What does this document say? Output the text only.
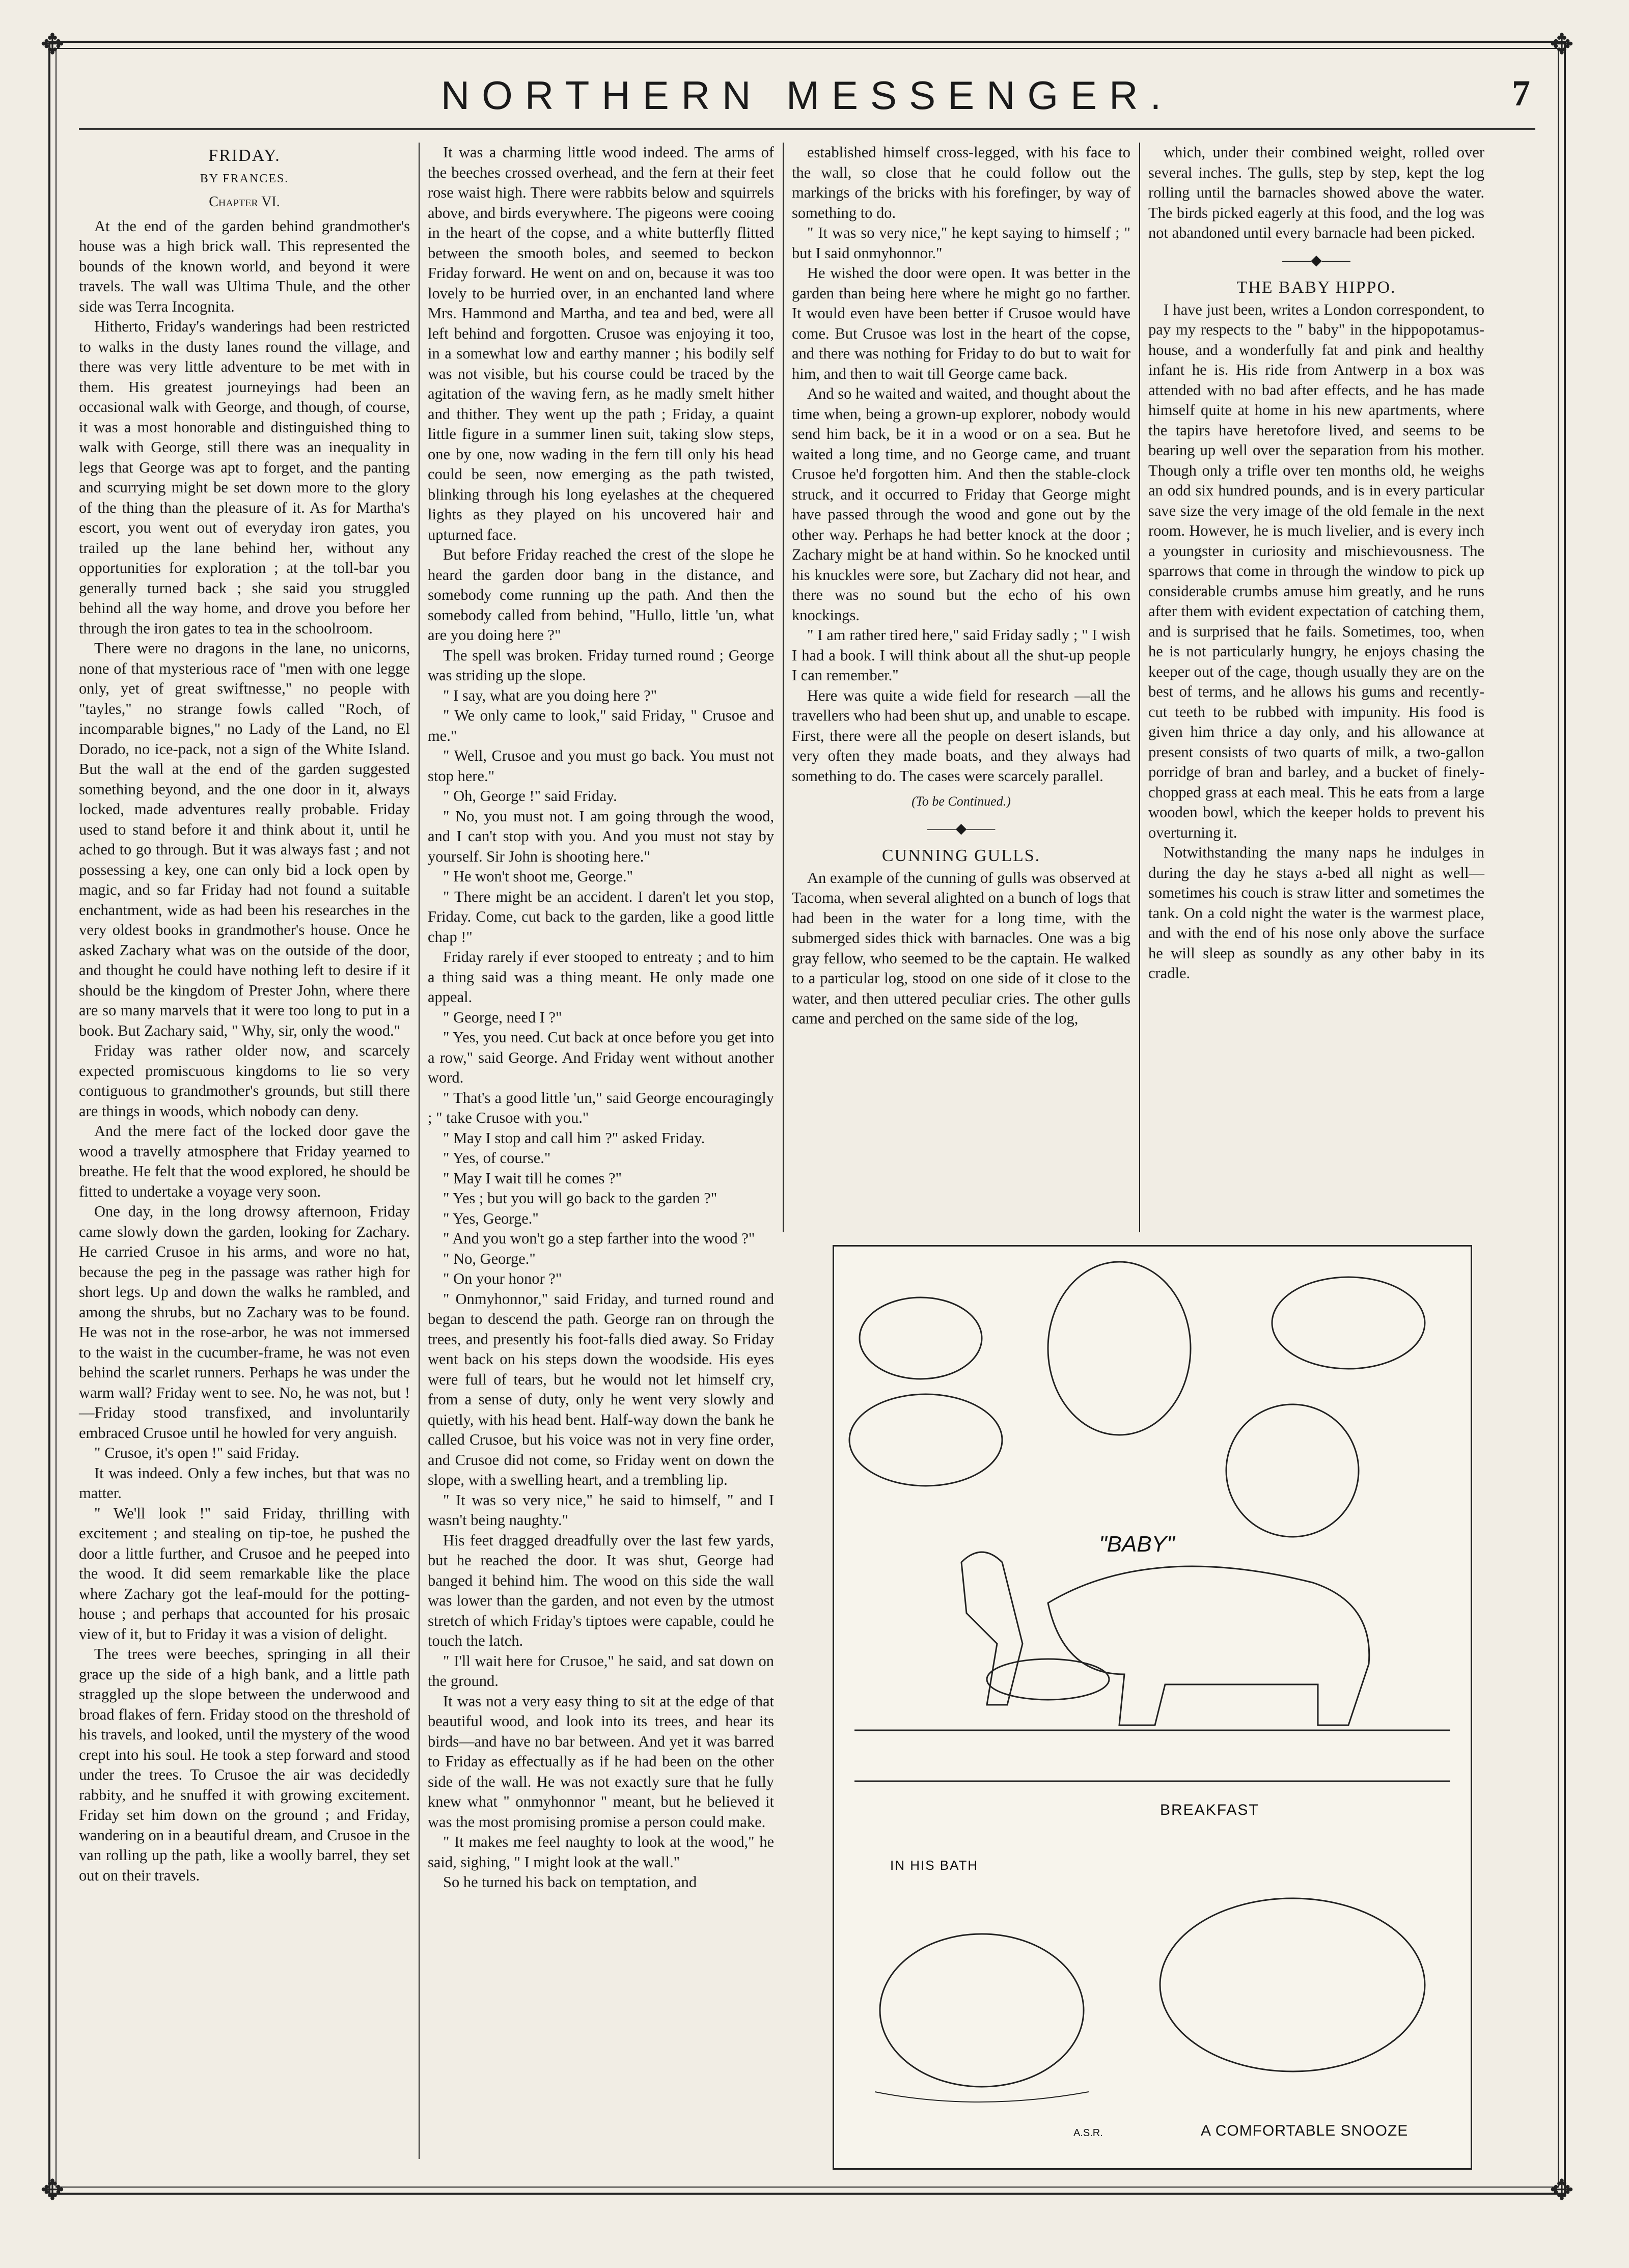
✥	✥
✥	✥
NORTHERN MESSENGER.	7
FRIDAY.
BY FRANCES.
Chapter VI.

At the end of the garden behind grandmother's house was a high brick wall. This represented the bounds of the known world, and beyond it were travels. The wall was Ultima Thule, and the other side was Terra Incognita.

Hitherto, Friday's wanderings had been restricted to walks in the dusty lanes round the village, and there was very little adventure to be met with in them. His greatest journeyings had been an occasional walk with George, and though, of course, it was a most honorable and distinguished thing to walk with George, still there was an inequality in legs that George was apt to forget, and the panting and scurrying might be set down more to the glory of the thing than the pleasure of it. As for Martha's escort, you went out of everyday iron gates, you trailed up the lane behind her, without any opportunities for exploration ; at the toll-bar you generally turned back ; she said you struggled behind all the way home, and drove you before her through the iron gates to tea in the schoolroom.

There were no dragons in the lane, no unicorns, none of that mysterious race of "men with one legge only, yet of great swiftnesse," no people with "tayles," no strange fowls called "Roch, of incomparable bignes," no Lady of the Land, no El Dorado, no ice-pack, not a sign of the White Island. But the wall at the end of the garden suggested something beyond, and the one door in it, always locked, made adventures really probable. Friday used to stand before it and think about it, until he ached to go through. But it was always fast ; and not possessing a key, one can only bid a lock open by magic, and so far Friday had not found a suitable enchantment, wide as had been his researches in the very oldest books in grandmother's house. Once he asked Zachary what was on the outside of the door, and thought he could have nothing left to desire if it should be the kingdom of Prester John, where there are so many marvels that it were too long to put in a book. But Zachary said, " Why, sir, only the wood."

Friday was rather older now, and scarcely expected promiscuous kingdoms to lie so very contiguous to grandmother's grounds, but still there are things in woods, which nobody can deny.

And the mere fact of the locked door gave the wood a travelly atmosphere that Friday yearned to breathe. He felt that the wood explored, he should be fitted to undertake a voyage very soon.

One day, in the long drowsy afternoon, Friday came slowly down the garden, looking for Zachary. He carried Crusoe in his arms, and wore no hat, because the peg in the passage was rather high for short legs. Up and down the walks he rambled, and among the shrubs, but no Zachary was to be found. He was not in the rose-arbor, he was not immersed to the waist in the cucumber-frame, he was not even behind the scarlet runners. Perhaps he was under the warm wall? Friday went to see. No, he was not, but !—Friday stood transfixed, and involuntarily embraced Crusoe until he howled for very anguish.

" Crusoe, it's open !" said Friday.

It was indeed. Only a few inches, but that was no matter.

" We'll look !" said Friday, thrilling with excitement ; and stealing on tip-toe, he pushed the door a little further, and Crusoe and he peeped into the wood. It did seem remarkable like the place where Zachary got the leaf-mould for the potting-house ; and perhaps that accounted for his prosaic view of it, but to Friday it was a vision of delight.

The trees were beeches, springing in all their grace up the side of a high bank, and a little path straggled up the slope between the underwood and broad flakes of fern. Friday stood on the threshold of his travels, and looked, until the mystery of the wood crept into his soul. He took a step forward and stood under the trees. To Crusoe the air was decidedly rabbity, and he snuffed it with growing excitement. Friday set him down on the ground ; and Friday, wandering on in a beautiful dream, and Crusoe in the van rolling up the path, like a woolly barrel, they set out on their travels.

It was a charming little wood indeed. The arms of the beeches crossed overhead, and the fern at their feet rose waist high. There were rabbits below and squirrels above, and birds everywhere. The pigeons were cooing in the heart of the copse, and a white butterfly flitted between the smooth boles, and seemed to beckon Friday forward. He went on and on, because it was too lovely to be hurried over, in an enchanted land where Mrs. Hammond and Martha, and tea and bed, were all left behind and forgotten. Crusoe was enjoying it too, in a somewhat low and earthy manner ; his bodily self was not visible, but his course could be traced by the agitation of the waving fern, as he madly smelt hither and thither. They went up the path ; Friday, a quaint little figure in a summer linen suit, taking slow steps, one by one, now wading in the fern till only his head could be seen, now emerging as the path twisted, blinking through his long eyelashes at the chequered lights as they played on his uncovered hair and upturned face.

But before Friday reached the crest of the slope he heard the garden door bang in the distance, and somebody come running up the path. And then the somebody called from behind, "Hullo, little 'un, what are you doing here ?"

The spell was broken. Friday turned round ; George was striding up the slope.

" I say, what are you doing here ?"

" We only came to look," said Friday, " Crusoe and me."

" Well, Crusoe and you must go back. You must not stop here."

" Oh, George !" said Friday.

" No, you must not. I am going through the wood, and I can't stop with you. And you must not stay by yourself. Sir John is shooting here."

" He won't shoot me, George."

" There might be an accident. I daren't let you stop, Friday. Come, cut back to the garden, like a good little chap !"

Friday rarely if ever stooped to entreaty ; and to him a thing said was a thing meant. He only made one appeal.

" George, need I ?"

" Yes, you need. Cut back at once before you get into a row," said George. And Friday went without another word.

" That's a good little 'un," said George encouragingly ; " take Crusoe with you."

" May I stop and call him ?" asked Friday.

" Yes, of course."

" May I wait till he comes ?"

" Yes ; but you will go back to the garden ?"

" Yes, George."

" And you won't go a step farther into the wood ?"

" No, George."

" On your honor ?"

" Onmyhonnor," said Friday, and turned round and began to descend the path. George ran on through the trees, and presently his foot-falls died away. So Friday went back on his steps down the woodside. His eyes were full of tears, but he would not let himself cry, from a sense of duty, only he went very slowly and quietly, with his head bent. Half-way down the bank he called Crusoe, but his voice was not in very fine order, and Crusoe did not come, so Friday went on down the slope, with a swelling heart, and a trembling lip.

" It was so very nice," he said to himself, " and I wasn't being naughty."

His feet dragged dreadfully over the last few yards, but he reached the door. It was shut, George had banged it behind him. The wood on this side the wall was lower than the garden, and not even by the utmost stretch of which Friday's tiptoes were capable, could he touch the latch.

" I'll wait here for Crusoe," he said, and sat down on the ground.

It was not a very easy thing to sit at the edge of that beautiful wood, and look into its trees, and hear its birds—and have no bar between. And yet it was barred to Friday as effectually as if he had been on the other side of the wall. He was not exactly sure that he fully knew what " onmyhonnor " meant, but he believed it was the most promising promise a person could make.

" It makes me feel naughty to look at the wood," he said, sighing, " I might look at the wall."

So he turned his back on temptation, and

established himself cross-legged, with his face to the wall, so close that he could follow out the markings of the bricks with his forefinger, by way of something to do.

" It was so very nice," he kept saying to himself ; " but I said onmyhonnor."

He wished the door were open. It was better in the garden than being here where he might go no farther. It would even have been better if Crusoe would have come. But Crusoe was lost in the heart of the copse, and there was nothing for Friday to do but to wait for him, and then to wait till George came back.

And so he waited and waited, and thought about the time when, being a grown-up explorer, nobody would send him back, be it in a wood or on a sea. But he waited a long time, and no George came, and truant Crusoe he'd forgotten him. And then the stable-clock struck, and it occurred to Friday that George might have passed through the wood and gone out by the other way. Perhaps he had better knock at the door ; Zachary might be at hand within. So he knocked until his knuckles were sore, but Zachary did not hear, and there was no sound but the echo of his own knockings.

" I am rather tired here," said Friday sadly ; " I wish I had a book. I will think about all the shut-up people I can remember."

Here was quite a wide field for research —all the travellers who had been shut up, and unable to escape. First, there were all the people on desert islands, but very often they made boats, and they always had something to do. The cases were scarcely parallel.

(To be Continued.)
——◆——
CUNNING GULLS.

An example of the cunning of gulls was observed at Tacoma, when several alighted on a bunch of logs that had been in the water for a long time, with the submerged sides thick with barnacles. One was a big gray fellow, who seemed to be the captain. He walked to a particular log, stood on one side of it close to the water, and then uttered peculiar cries. The other gulls came and perched on the same side of the log,

which, under their combined weight, rolled over several inches. The gulls, step by step, kept the log rolling until the barnacles showed above the water. The birds picked eagerly at this food, and the log was not abandoned until every barnacle had been picked.

——◆——
THE BABY HIPPO.

I have just been, writes a London correspondent, to pay my respects to the " baby" in the hippopotamus-house, and a wonderfully fat and pink and healthy infant he is. His ride from Antwerp in a box was attended with no bad after effects, and he has made himself quite at home in his new apartments, where the tapirs have heretofore lived, and seems to be bearing up well over the separation from his mother. Though only a trifle over ten months old, he weighs an odd six hundred pounds, and is in every particular save size the very image of the old female in the next room. However, he is much livelier, and is every inch a youngster in curiosity and mischievousness. The sparrows that come in through the window to pick up considerable crumbs amuse him greatly, and he runs after them with evident expectation of catching them, and is surprised that he fails. Sometimes, too, when he is not particularly hungry, he enjoys chasing the keeper out of the cage, though usually they are on the best of terms, and he allows his gums and recently-cut teeth to be rubbed with impunity. His food is given him thrice a day only, and his allowance at present consists of two quarts of milk, a two-gallon porridge of bran and barley, and a bucket of finely-chopped grass at each meal. This he eats from a large wooden bowl, which the keeper holds to prevent his overturning it.

Notwithstanding the many naps he indulges in during the day he stays a-bed all night as well—sometimes his couch is straw litter and sometimes the tank. On a cold night the water is the warmest place, and with the end of his nose only above the surface he will sleep as soundly as any other baby in its cradle.

"BABY"
BREAKFAST
IN HIS BATH
A COMFORTABLE SNOOZE
A.S.R.
